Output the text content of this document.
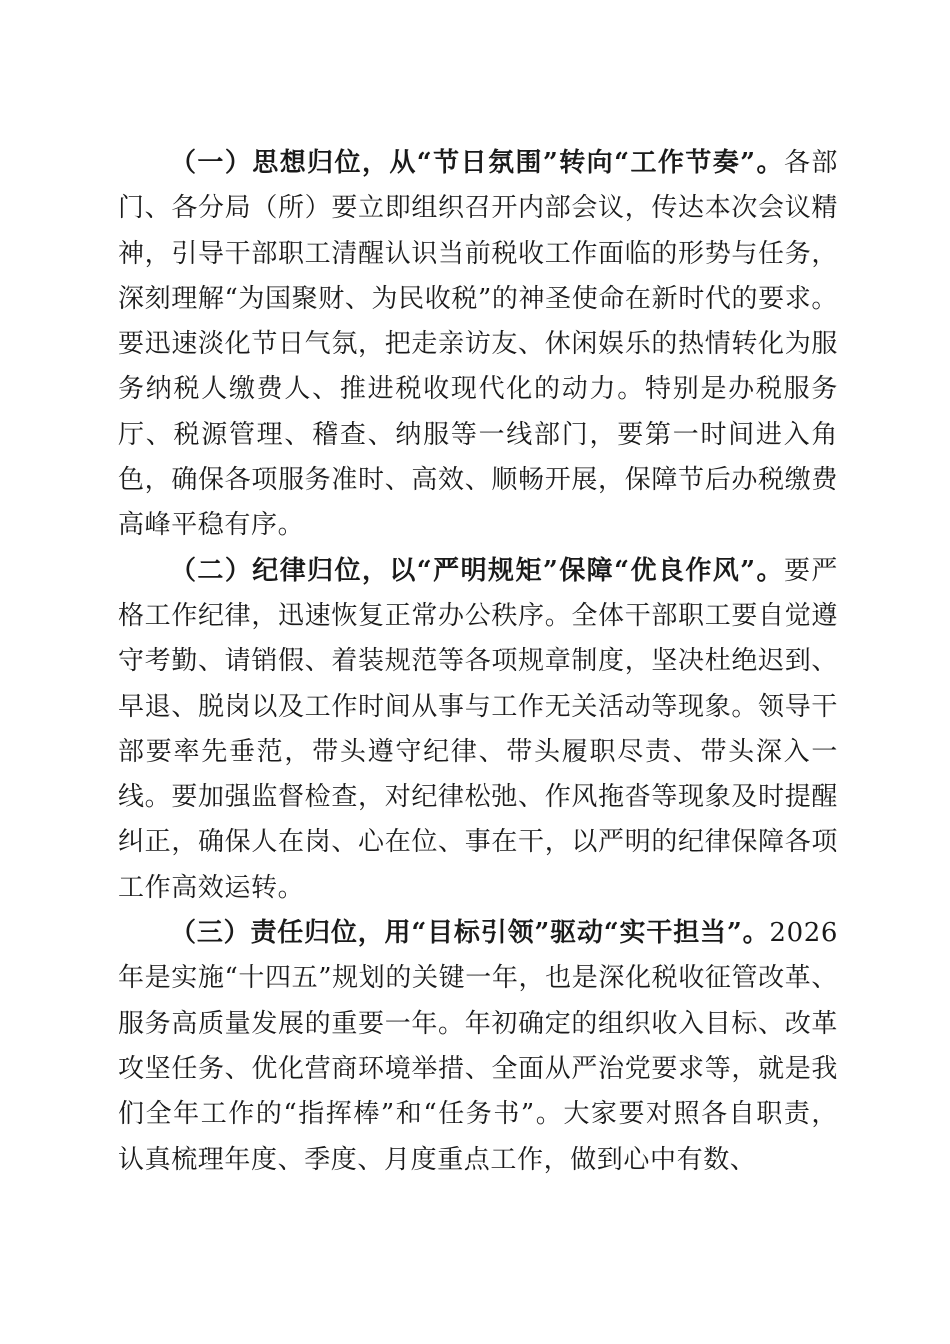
（一）思想归位，从“节日氛围”转向“工作节奏”。各部门、各分局（所）要立即组织召开内部会议，传达本次会议精神，引导干部职工清醒认识当前税收工作面临的形势与任务，深刻理解“为国聚财、为民收税”的神圣使命在新时代的要求。要迅速淡化节日气氛，把走亲访友、休闲娱乐的热情转化为服务纳税人缴费人、推进税收现代化的动力。特别是办税服务厅、税源管理、稽查、纳服等一线部门，要第一时间进入角色，确保各项服务准时、高效、顺畅开展，保障节后办税缴费高峰平稳有序。

（二）纪律归位，以“严明规矩”保障“优良作风”。要严格工作纪律，迅速恢复正常办公秩序。全体干部职工要自觉遵守考勤、请销假、着装规范等各项规章制度，坚决杜绝迟到、早退、脱岗以及工作时间从事与工作无关活动等现象。领导干部要率先垂范，带头遵守纪律、带头履职尽责、带头深入一线。要加强监督检查，对纪律松弛、作风拖沓等现象及时提醒纠正，确保人在岗、心在位、事在干，以严明的纪律保障各项工作高效运转。

（三）责任归位，用“目标引领”驱动“实干担当”。2026年是实施“十四五”规划的关键一年，也是深化税收征管改革、服务高质量发展的重要一年。年初确定的组织收入目标、改革攻坚任务、优化营商环境举措、全面从严治党要求等，就是我们全年工作的“指挥棒”和“任务书”。大家要对照各自职责，认真梳理年度、季度、月度重点工作，做到心中有数、
